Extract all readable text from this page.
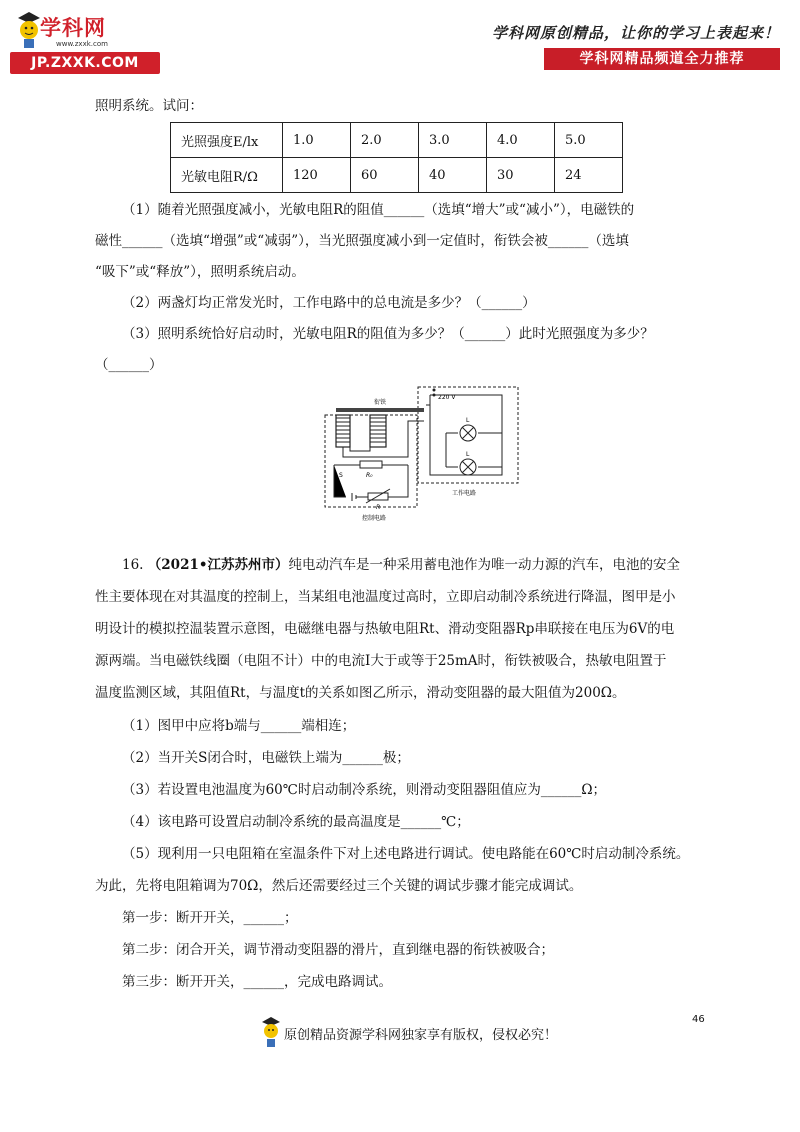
学科网
www.zxxk.com
JP.ZXXK.COM
学科网原创精品，让你的学习上表起来！
学科网精品频道全力推荐
照明系统。试问：
光照强度E/lx	1.0	2.0	3.0	4.0	5.0
光敏电阻R/Ω	120	60	40	30	24
（1）随着光照强度减小，光敏电阻R的阻值______（选填“增大”或“减小”），电磁铁的
磁性______（选填“增强”或“减弱”），当光照强度减小到一定值时，衔铁会被______（选填
“吸下”或“释放”），照明系统启动。
（2）两盏灯均正常发光时，工作电路中的总电流是多少？（______）
（3）照明系统恰好启动时，光敏电阻R的阻值为多少？（______）此时光照强度为多少？
（______）
衔铁
R₀
S
R
控制电路
220 V
L
L
工作电路
16. （2021•江苏苏州市）纯电动汽车是一种采用蓄电池作为唯一动力源的汽车，电池的安全
性主要体现在对其温度的控制上，当某组电池温度过高时，立即启动制冷系统进行降温，图甲是小
明设计的模拟控温装置示意图，电磁继电器与热敏电阻Rt、滑动变阻器Rp串联接在电压为6V的电
源两端。当电磁铁线圈（电阻不计）中的电流I大于或等于25mA时，衔铁被吸合，热敏电阻置于
温度监测区域，其阻值Rt，与温度t的关系如图乙所示，滑动变阻器的最大阻值为200Ω。
（1）图甲中应将b端与______端相连；
（2）当开关S闭合时，电磁铁上端为______极；
（3）若设置电池温度为60℃时启动制冷系统，则滑动变阻器阻值应为______Ω；
（4）该电路可设置启动制冷系统的最高温度是______℃；
（5）现利用一只电阻箱在室温条件下对上述电路进行调试。使电路能在60℃时启动制冷系统。
为此，先将电阻箱调为70Ω，然后还需要经过三个关键的调试步骤才能完成调试。
第一步：断开开关，______；
第二步：闭合开关，调节滑动变阻器的滑片，直到继电器的衔铁被吸合；
第三步：断开开关，______，完成电路调试。
46
原创精品资源学科网独家享有版权，侵权必究！
